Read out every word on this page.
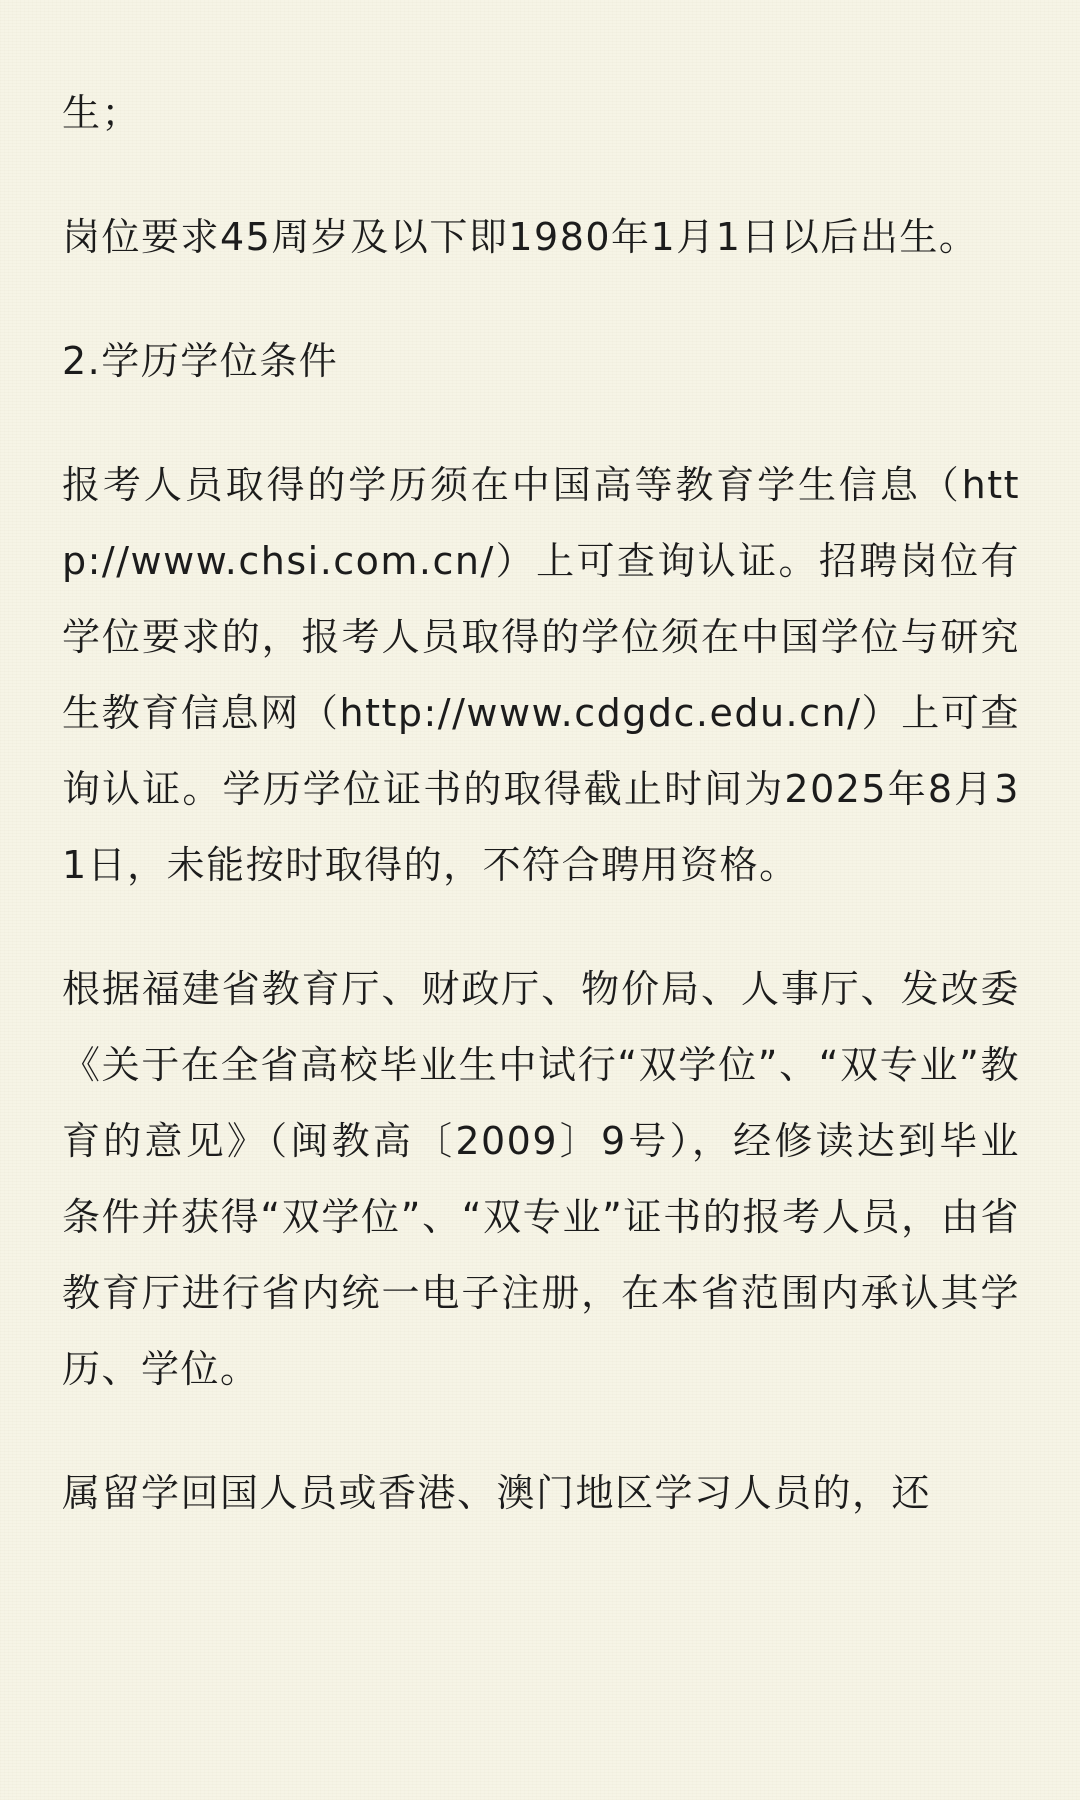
生；

岗位要求45周岁及以下即1980年1月1日以后出生。

2.学历学位条件

报考人员取得的学历须在中国高等教育学生信息（http://www.chsi.com.cn/）上可查询认证。招聘岗位有学位要求的，报考人员取得的学位须在中国学位与研究生教育信息网（http://www.cdgdc.edu.cn/）上可查询认证。学历学位证书的取得截止时间为2025年8月31日，未能按时取得的，不符合聘用资格。

根据福建省教育厅、财政厅、物价局、人事厅、发改委《关于在全省高校毕业生中试行“双学位”、“双专业”教育的意见》（闽教高〔2009〕9号），经修读达到毕业条件并获得“双学位”、“双专业”证书的报考人员，由省教育厅进行省内统一电子注册，在本省范围内承认其学历、学位。

属留学回国人员或香港、澳门地区学习人员的，还
